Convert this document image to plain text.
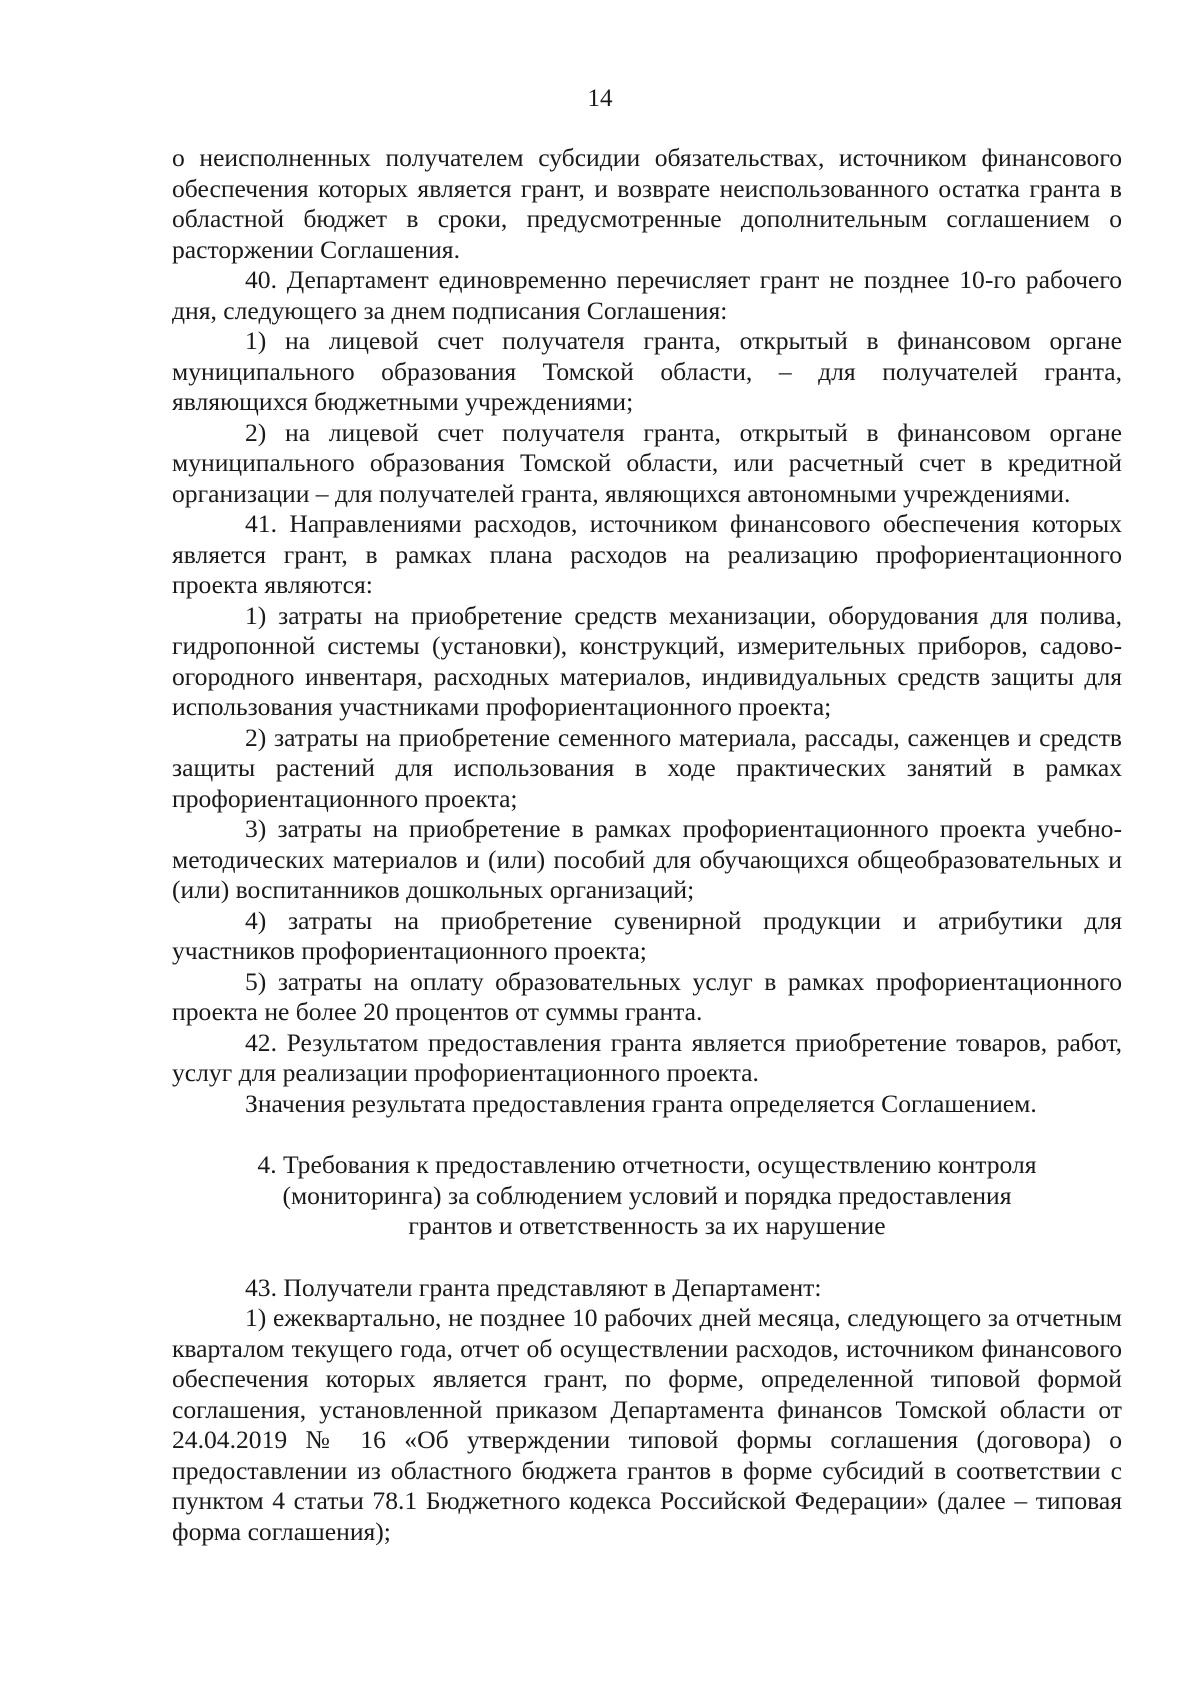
14

о неисполненных получателем субсидии обязательствах, источником финансового обеспечения которых является грант, и возврате неиспользованного остатка гранта в областной бюджет в сроки, предусмотренные дополнительным соглашением о расторжении Соглашения.

40. Департамент единовременно перечисляет грант не позднее 10-го рабочего дня, следующего за днем подписания Соглашения:

1) на лицевой счет получателя гранта, открытый в финансовом органе муниципального образования Томской области, – для получателей гранта, являющихся бюджетными учреждениями;

2) на лицевой счет получателя гранта, открытый в финансовом органе муниципального образования Томской области, или расчетный счет в кредитной организации – для получателей гранта, являющихся автономными учреждениями.

41. Направлениями расходов, источником финансового обеспечения которых является грант, в рамках плана расходов на реализацию профориентационного проекта являются:

1) затраты на приобретение средств механизации, оборудования для полива, гидропонной системы (установки), конструкций, измерительных приборов, садово-огородного инвентаря, расходных материалов, индивидуальных средств защиты для использования участниками профориентационного проекта;

2) затраты на приобретение семенного материала, рассады, саженцев и средств защиты растений для использования в ходе практических занятий в рамках профориентационного проекта;

3) затраты на приобретение в рамках профориентационного проекта учебно-методических материалов и (или) пособий для обучающихся общеобразовательных и (или) воспитанников дошкольных организаций;

4) затраты на приобретение сувенирной продукции и атрибутики для участников профориентационного проекта;

5) затраты на оплату образовательных услуг в рамках профориентационного проекта не более 20 процентов от суммы гранта.

42. Результатом предоставления гранта является приобретение товаров, работ, услуг для реализации профориентационного проекта.

Значения результата предоставления гранта определяется Соглашением.

4. Требования к предоставлению отчетности, осуществлению контроля
(мониторинга) за соблюдением условий и порядка предоставления
грантов и ответственность за их нарушение

43. Получатели гранта представляют в Департамент:

1) ежеквартально, не позднее 10 рабочих дней месяца, следующего за отчетным кварталом текущего года, отчет об осуществлении расходов, источником финансового обеспечения которых является грант, по форме, определенной типовой формой соглашения, установленной приказом Департамента финансов Томской области от 24.04.2019 № 16 «Об утверждении типовой формы соглашения (договора) о предоставлении из областного бюджета грантов в форме субсидий в соответствии с пунктом 4 статьи 78.1 Бюджетного кодекса Российской Федерации» (далее – типовая форма соглашения);
